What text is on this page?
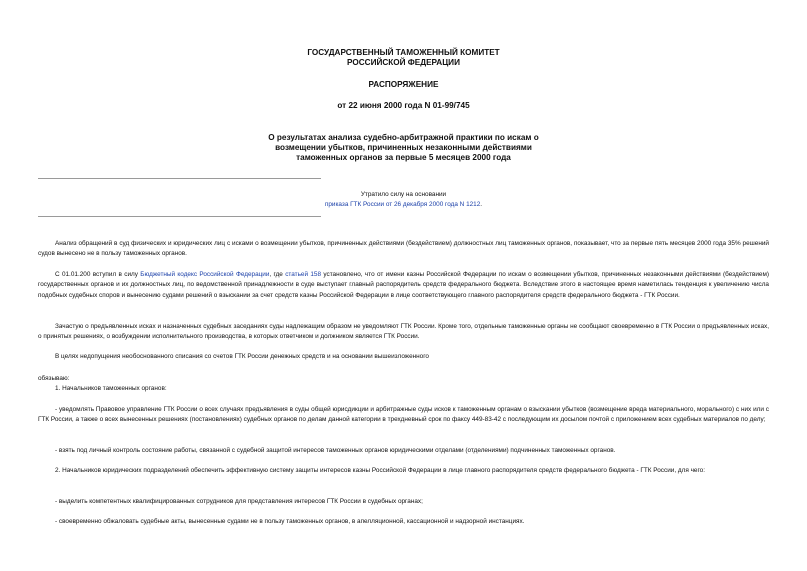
ГОСУДАРСТВЕННЫЙ ТАМОЖЕННЫЙ КОМИТЕТ
РОССИЙСКОЙ ФЕДЕРАЦИИ
РАСПОРЯЖЕНИЕ
от 22 июня 2000 года N 01-99/745
О результатах анализа судебно-арбитражной практики по искам о
возмещении убытков, причиненных незаконными действиями
таможенных органов за первые 5 месяцев 2000 года
Утратило силу на основании
приказа ГТК России от 26 декабря 2000 года N 1212.

Анализ обращений в суд физических и юридических лиц с исками о возмещении убытков, причиненных действиями (бездействием) должностных лиц таможенных органов, показывает, что за первые пять месяцев 2000 года 35% решений судов вынесено не в пользу таможенных органов.

С 01.01.200 вступил в силу Бюджетный кодекс Российской Федерации, где статьей 158 установлено, что от имени казны Российской Федерации по искам о возмещении убытков, причиненных незаконными действиями (бездействием) государственных органов и их должностных лиц, по ведомственной принадлежности в суде выступает главный распорядитель средств федерального бюджета. Вследствие этого в настоящее время наметилась тенденция к увеличению числа подобных судебных споров и вынесению судами решений о взыскании за счет средств казны Российской Федерации в лице соответствующего главного распорядителя средств федерального бюджета - ГТК России.

Зачастую о предъявленных исках и назначенных судебных заседаниях суды надлежащим образом не уведомляют ГТК России. Кроме того, отдельные таможенные органы не сообщают своевременно в ГТК России о предъявленных исках, о принятых решениях, о возбуждении исполнительного производства, в которых ответчиком и должником является ГТК России.

В целях недопущения необоснованного списания со счетов ГТК России денежных средств и на основании вышеизложенного

обязываю:

1. Начальников таможенных органов:

- уведомлять Правовое управление ГТК России о всех случаях предъявления в суды общей юрисдикции и арбитражные суды исков к таможенным органам о взыскании убытков (возмещение вреда материального, морального) с них или с ГТК России, а также о всех вынесенных решениях (постановлениях) судебных органов по делам данной категории в трехдневный срок по факсу 449-83-42 с последующим их досылом почтой с приложением всех судебных материалов по делу;

- взять под личный контроль состояние работы, связанной с судебной защитой интересов таможенных органов юридическими отделами (отделениями) подчиненных таможенных органов.

2. Начальников юридических подразделений обеспечить эффективную систему защиты интересов казны Российской Федерации в лице главного распорядителя средств федерального бюджета - ГТК России, для чего:

- выделить компетентных квалифицированных сотрудников для представления интересов ГТК России в судебных органах;

- своевременно обжаловать судебные акты, вынесенные судами не в пользу таможенных органов, в апелляционной, кассационной и надзорной инстанциях.
